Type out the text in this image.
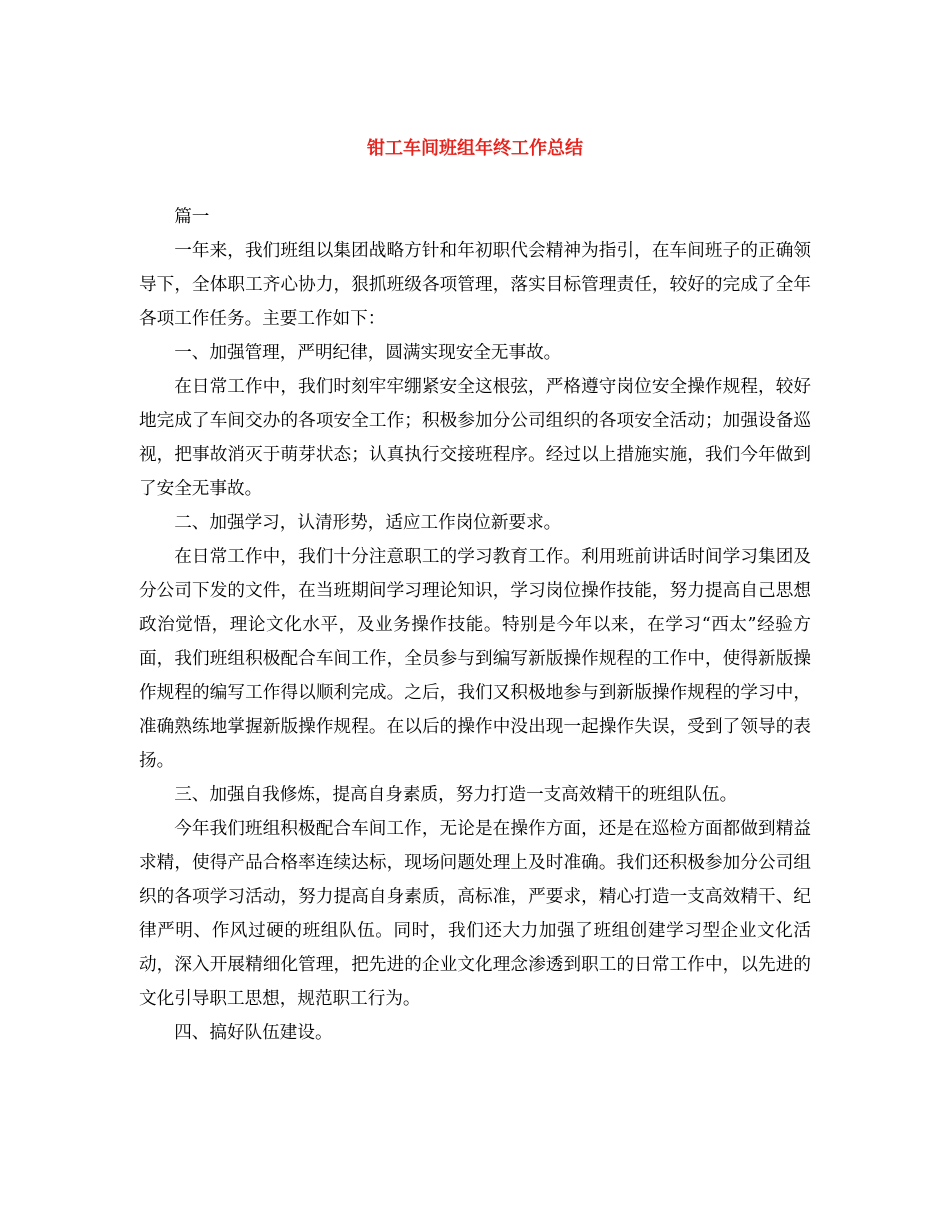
钳工车间班组年终工作总结

篇一

一年来，我们班组以集团战略方针和年初职代会精神为指引，在车间班子的正确领导下，全体职工齐心协力，狠抓班级各项管理，落实目标管理责任，较好的完成了全年各项工作任务。主要工作如下：

一、加强管理，严明纪律，圆满实现安全无事故。

在日常工作中，我们时刻牢牢绷紧安全这根弦，严格遵守岗位安全操作规程，较好地完成了车间交办的各项安全工作；积极参加分公司组织的各项安全活动；加强设备巡视，把事故消灭于萌芽状态；认真执行交接班程序。经过以上措施实施，我们今年做到了安全无事故。

二、加强学习，认清形势，适应工作岗位新要求。

在日常工作中，我们十分注意职工的学习教育工作。利用班前讲话时间学习集团及分公司下发的文件，在当班期间学习理论知识，学习岗位操作技能，努力提高自己思想政治觉悟，理论文化水平，及业务操作技能。特别是今年以来，在学习“西太”经验方面，我们班组积极配合车间工作，全员参与到编写新版操作规程的工作中，使得新版操作规程的编写工作得以顺利完成。之后，我们又积极地参与到新版操作规程的学习中，准确熟练地掌握新版操作规程。在以后的操作中没出现一起操作失误，受到了领导的表扬。

三、加强自我修炼，提高自身素质，努力打造一支高效精干的班组队伍。

今年我们班组积极配合车间工作，无论是在操作方面，还是在巡检方面都做到精益求精，使得产品合格率连续达标，现场问题处理上及时准确。我们还积极参加分公司组织的各项学习活动，努力提高自身素质，高标准，严要求，精心打造一支高效精干、纪律严明、作风过硬的班组队伍。同时，我们还大力加强了班组创建学习型企业文化活动，深入开展精细化管理，把先进的企业文化理念渗透到职工的日常工作中，以先进的文化引导职工思想，规范职工行为。

四、搞好队伍建设。
